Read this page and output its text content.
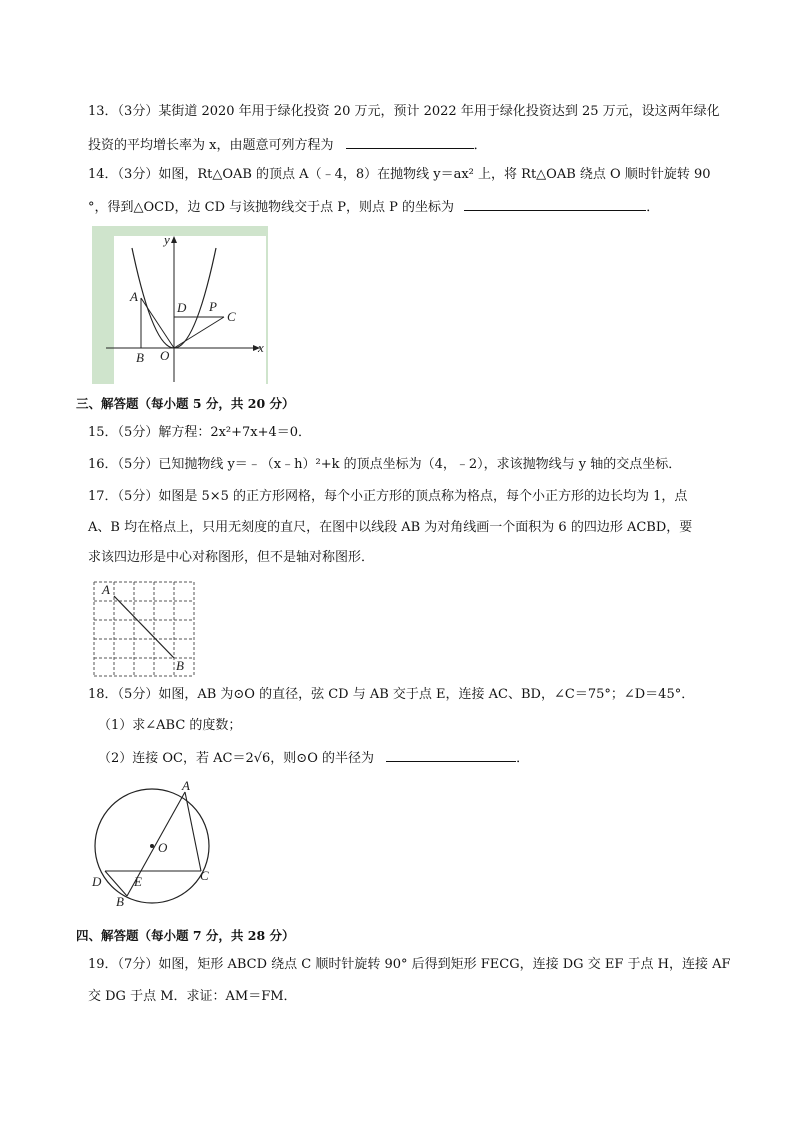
13．（3分）某街道 2020 年用于绿化投资 20 万元，预计 2022 年用于绿化投资达到 25 万元，设这两年绿化
投资的平均增长率为 x，由题意可列方程为	．
14．（3分）如图，Rt△OAB 的顶点 A（﹣4，8）在抛物线 y＝ax² 上，将 Rt△OAB 绕点 O 顺时针旋转 90
°，得到△OCD，边 CD 与该抛物线交于点 P，则点 P 的坐标为	．
y
x
A
B O
D P
C
三、解答题（每小题 5 分，共 20 分）
15．（5分）解方程：2x²+7x+4＝0．
16．（5分）已知抛物线 y＝﹣（x﹣h）²+k 的顶点坐标为（4，﹣2），求该抛物线与 y 轴的交点坐标．
17．（5分）如图是 5×5 的正方形网格，每个小正方形的顶点称为格点，每个小正方形的边长均为 1，点
A、B 均在格点上，只用无刻度的直尺，在图中以线段 AB 为对角线画一个面积为 6 的四边形 ACBD，要
求该四边形是中心对称图形，但不是轴对称图形．
A
B
18．（5分）如图，AB 为⊙O 的直径，弦 CD 与 AB 交于点 E，连接 AC、BD，∠C＝75°；∠D＝45°．
（1）求∠ABC 的度数；
（2）连接 OC，若 AC＝2√6，则⊙O 的半径为	．
A
O
D	E	C
B
四、解答题（每小题 7 分，共 28 分）
19．（7分）如图，矩形 ABCD 绕点 C 顺时针旋转 90° 后得到矩形 FECG，连接 DG 交 EF 于点 H，连接 AF
交 DG 于点 M．求证：AM＝FM．
